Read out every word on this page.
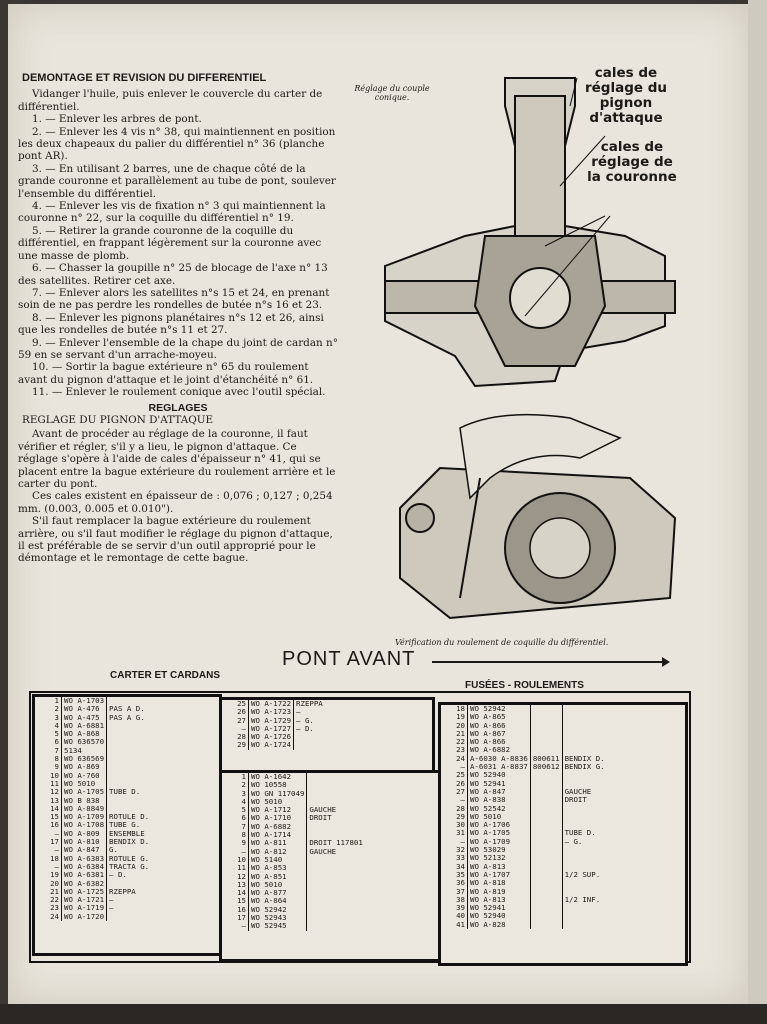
DEMONTAGE ET REVISION DU DIFFERENTIEL

Vidanger l'huile, puis enlever le couvercle du carter de différentiel.

1. — Enlever les arbres de pont.

2. — Enlever les 4 vis n° 38, qui maintiennent en position les deux chapeaux du palier du différentiel n° 36 (planche pont AR).

3. — En utilisant 2 barres, une de chaque côté de la grande couronne et parallèlement au tube de pont, soulever l'ensemble du différentiel.

4. — Enlever les vis de fixation n° 3 qui maintiennent la couronne n° 22, sur la coquille du différentiel n° 19.

5. — Retirer la grande couronne de la coquille du différentiel, en frappant légèrement sur la couronne avec une masse de plomb.

6. — Chasser la goupille n° 25 de blocage de l'axe n° 13 des satellites. Retirer cet axe.

7. — Enlever alors les satellites n°s 15 et 24, en prenant soin de ne pas perdre les rondelles de butée n°s 16 et 23.

8. — Enlever les pignons planétaires n°s 12 et 26, ainsi que les rondelles de butée n°s 11 et 27.

9. — Enlever l'ensemble de la chape du joint de cardan n° 59 en se servant d'un arrache-moyeu.

10. — Sortir la bague extérieure n° 65 du roulement avant du pignon d'attaque et le joint d'étanchéité n° 61.

11. — Enlever le roulement conique avec l'outil spécial.

REGLAGES
REGLAGE DU PIGNON D'ATTAQUE

Avant de procéder au réglage de la couronne, il faut vérifier et régler, s'il y a lieu, le pignon d'attaque. Ce réglage s'opère à l'aide de cales d'épaisseur n° 41, qui se placent entre la bague extérieure du roulement arrière et le carter du pont.

Ces cales existent en épaisseur de : 0,076 ; 0,127 ; 0,254 mm. (0.003, 0.005 et 0.010").

S'il faut remplacer la bague extérieure du roulement arrière, ou s'il faut modifier le réglage du pignon d'attaque, il est préférable de se servir d'un outil approprié pour le démontage et le remontage de cette bague.

Réglage du couple conique.
cales de réglage du pignon d'attaque
cales de réglage de la couronne
Vérification du roulement de coquille du différentiel.
PONT AVANT
CARTER ET CARDANS
FUSÉES - ROULEMENTS
1	WO A-1703	
2	WO A-476	PAS A D.
3	WO A-475	PAS A G.
4	WO A-6881	
5	WO A-868	
6	WO 636570	
7	5134	
8	WO 636569	
9	WO A-869	
10	WO A-760	
11	WO 5010	
12	WO A-1705	TUBE D.
13	WO B 838	
14	WO A-8849	
15	WO A-1709	ROTULE D.
16	WO A-1708	TUBE G.
—	WO A-809	ENSEMBLE
17	WO A-810	BENDIX D.
—	WO A-847	G.
18	WO A-6383	ROTULE G.
—	WO A-6384	TRACTA G.
19	WO A-6381	— D.
20	WO A-6382	
21	WO A-1725	RZEPPA
22	WO A-1721	—
23	WO A-1719	—
24	WO A-1720	
25	WO A-1722	RZEPPA
26	WO A-1723	—
27	WO A-1729	— G.
—	WO A-1727	— D.
28	WO A-1726	
29	WO A-1724	
1	WO A-1642	
2	WO 10558	
3	WO GN 117049	
4	WO 5010	
5	WO A-1712	GAUCHE
6	WO A-1710	DROIT
7	WO A-6882	
8	WO A-1714	
9	WO A-811	DROIT 117801
—	WO A-812	GAUCHE
10	WO 5140	
11	WO A-853	
12	WO A-851	
13	WO 5010	
14	WO A-877	
15	WO A-864	
16	WO 52942	
17	WO 52943	
—	WO 52945	
18	WO 52942		
19	WO A-865		
20	WO A-866		
21	WO A-867		
22	WO A-866		
23	WO A-6882		
24	A-6030 A-8836	800611	BENDIX D.
—	A-6031 A-8837	800612	BENDIX G.
25	WO 52940		
26	WO 52941		
27	WO A-847		GAUCHE
—	WO A-838		DROIT
28	WO 52542		
29	WO 5010		
30	WO A-1706		
31	WO A-1705		TUBE D.
—	WO A-1709		— G.
32	WO 53029		
33	WO 52132		
34	WO A-813		
35	WO A-1707		1/2 SUP.
36	WO A-818		
37	WO A-819		
38	WO A-813		1/2 INF.
39	WO 52941		
40	WO 52940		
41	WO A-828		
